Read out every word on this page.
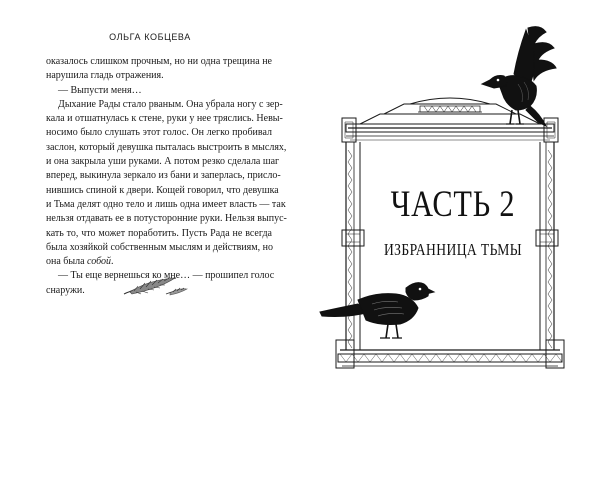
ОЛЬГА КОБЦЕВА
оказалось слишком прочным, но ни одна трещина не
нарушила гладь отражения.
— Выпусти меня…
Дыхание Рады стало рваным. Она убрала ногу с зер-
кала и отшатнулась к стене, руки у нее тряслись. Невы-
носимо было слушать этот голос. Он легко пробивал
заслон, который девушка пыталась выстроить в мыслях,
и она закрыла уши руками. А потом резко сделала шаг
вперед, выкинула зеркало из бани и заперлась, присло-
нившись спиной к двери. Кощей говорил, что девушка
и Тьма делят одно тело и лишь одна имеет власть — так
нельзя отдавать ее в потусторонние руки. Нельзя выпус-
кать то, что может поработить. Пусть Рада не всегда
была хозяйкой собственным мыслям и действиям, но
она была собой.
— Ты еще вернешься ко мне… — прошипел голос
снаружи.
ЧАСТЬ 2
ИЗБРАННИЦА ТЬМЫ
